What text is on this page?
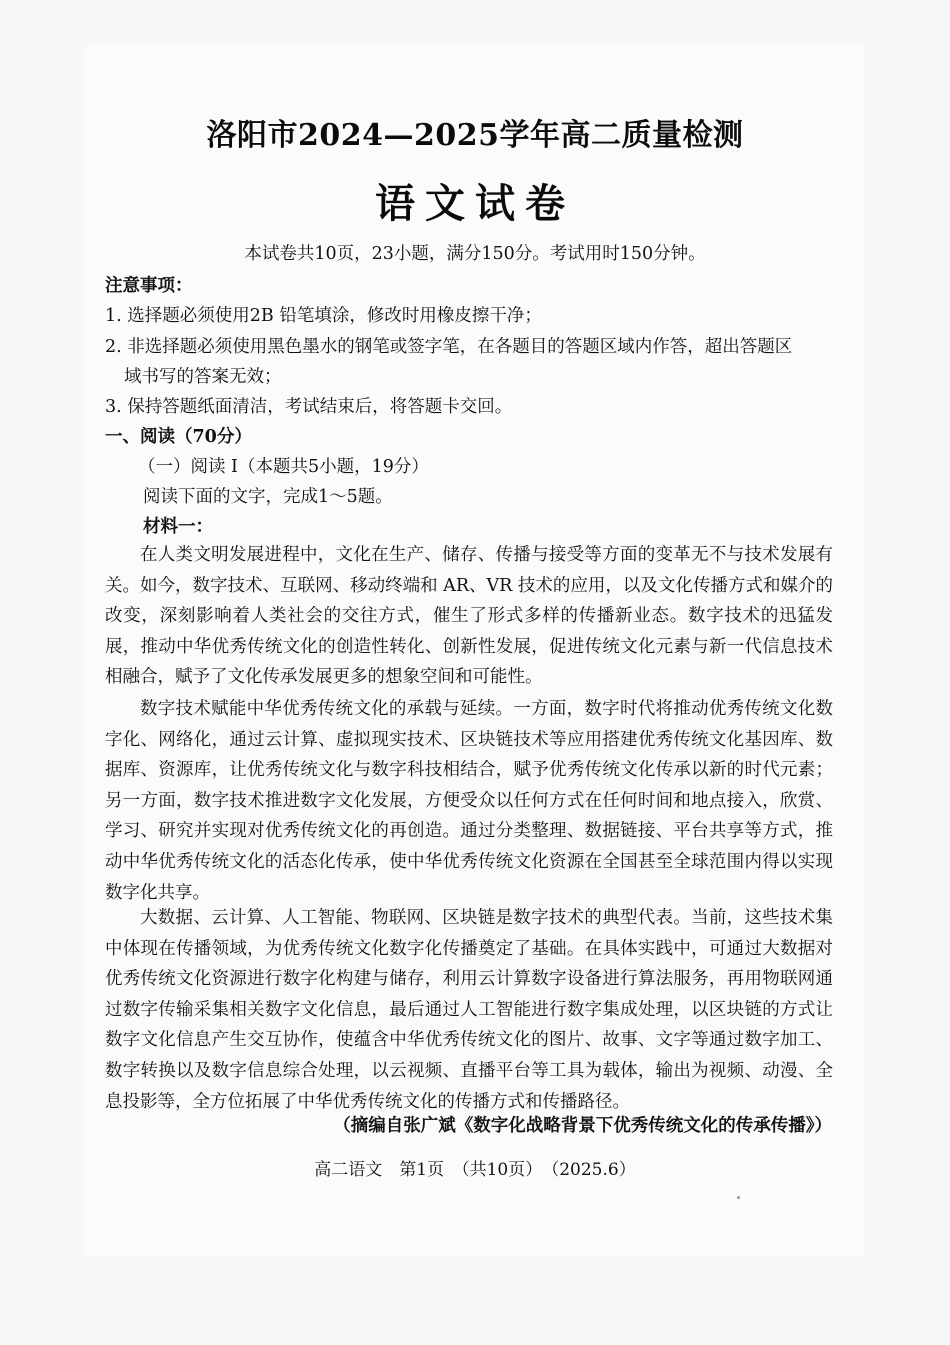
洛阳市2024—2025学年高二质量检测
语文试卷
本试卷共10页，23小题，满分150分。考试用时150分钟。
注意事项：
1. 选择题必须使用2B 铅笔填涂，修改时用橡皮擦干净；
2. 非选择题必须使用黑色墨水的钢笔或签字笔，在各题目的答题区域内作答，超出答题区
域书写的答案无效；
3. 保持答题纸面清洁，考试结束后，将答题卡交回。
一、阅读（70分）
（一）阅读 I（本题共5小题，19分）
阅读下面的文字，完成1～5题。
材料一：
在人类文明发展进程中，文化在生产、储存、传播与接受等方面的变革无不与技术发展有关。如今，数字技术、互联网、移动终端和 AR、VR 技术的应用，以及文化传播方式和媒介的改变，深刻影响着人类社会的交往方式，催生了形式多样的传播新业态。数字技术的迅猛发展，推动中华优秀传统文化的创造性转化、创新性发展，促进传统文化元素与新一代信息技术相融合，赋予了文化传承发展更多的想象空间和可能性。
数字技术赋能中华优秀传统文化的承载与延续。一方面，数字时代将推动优秀传统文化数字化、网络化，通过云计算、虚拟现实技术、区块链技术等应用搭建优秀传统文化基因库、数据库、资源库，让优秀传统文化与数字科技相结合，赋予优秀传统文化传承以新的时代元素；另一方面，数字技术推进数字文化发展，方便受众以任何方式在任何时间和地点接入，欣赏、学习、研究并实现对优秀传统文化的再创造。通过分类整理、数据链接、平台共享等方式，推动中华优秀传统文化的活态化传承，使中华优秀传统文化资源在全国甚至全球范围内得以实现数字化共享。
大数据、云计算、人工智能、物联网、区块链是数字技术的典型代表。当前，这些技术集中体现在传播领域，为优秀传统文化数字化传播奠定了基础。在具体实践中，可通过大数据对优秀传统文化资源进行数字化构建与储存，利用云计算数字设备进行算法服务，再用物联网通过数字传输采集相关数字文化信息，最后通过人工智能进行数字集成处理，以区块链的方式让数字文化信息产生交互协作，使蕴含中华优秀传统文化的图片、故事、文字等通过数字加工、数字转换以及数字信息综合处理，以云视频、直播平台等工具为载体，输出为视频、动漫、全息投影等，全方位拓展了中华优秀传统文化的传播方式和传播路径。
（摘编自张广斌《数字化战略背景下优秀传统文化的传承传播》）
高二语文　第1页　（共10页）　（2025.6）
